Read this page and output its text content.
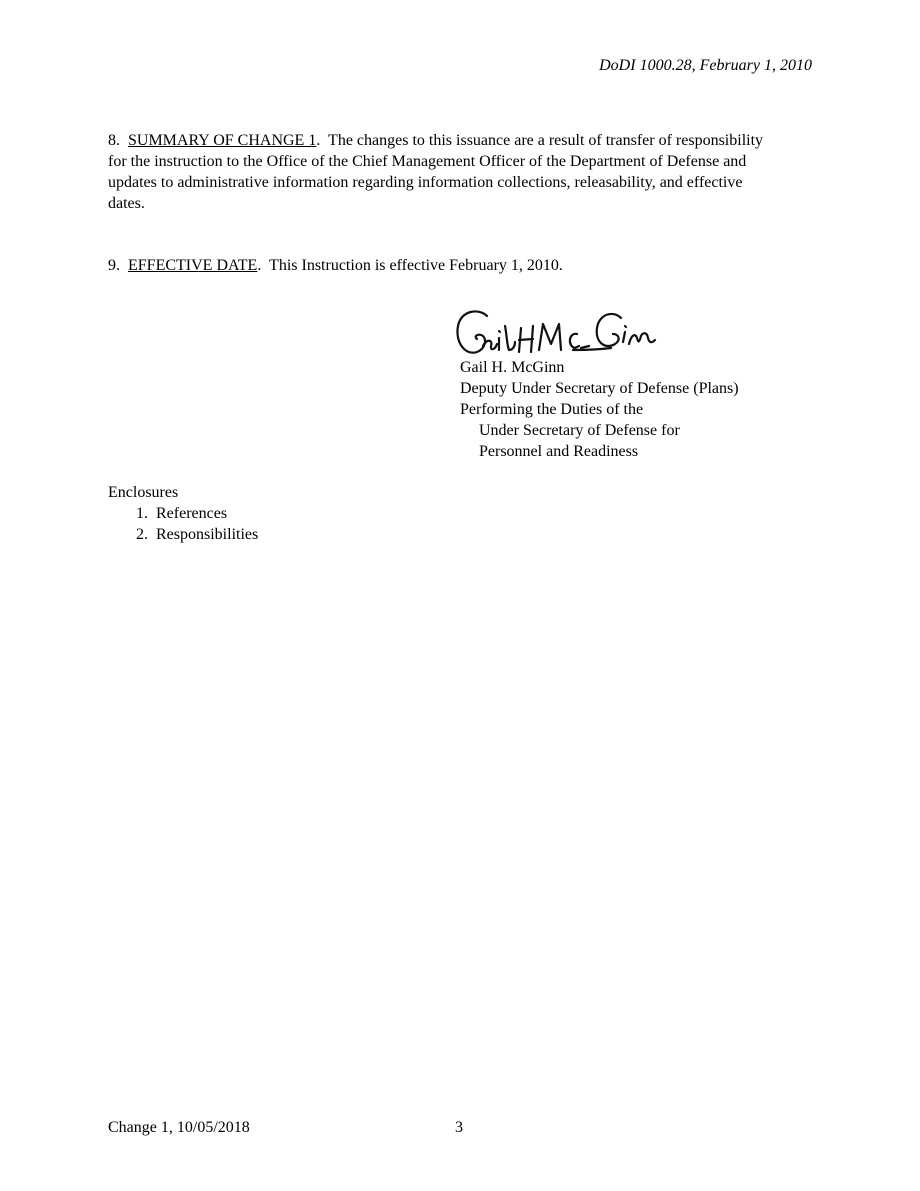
DoDI 1000.28, February 1, 2010
8. SUMMARY OF CHANGE 1.  The changes to this issuance are a result of transfer of responsibility for the instruction to the Office of the Chief Management Officer of the Department of Defense and updates to administrative information regarding information collections, releasability, and effective dates.
9. EFFECTIVE DATE.  This Instruction is effective February 1, 2010.
Gail H. McGinn
Deputy Under Secretary of Defense (Plans)
Performing the Duties of the
Under Secretary of Defense for
Personnel and Readiness
Enclosures
1.  References
2.  Responsibilities
Change 1, 10/05/2018	3
